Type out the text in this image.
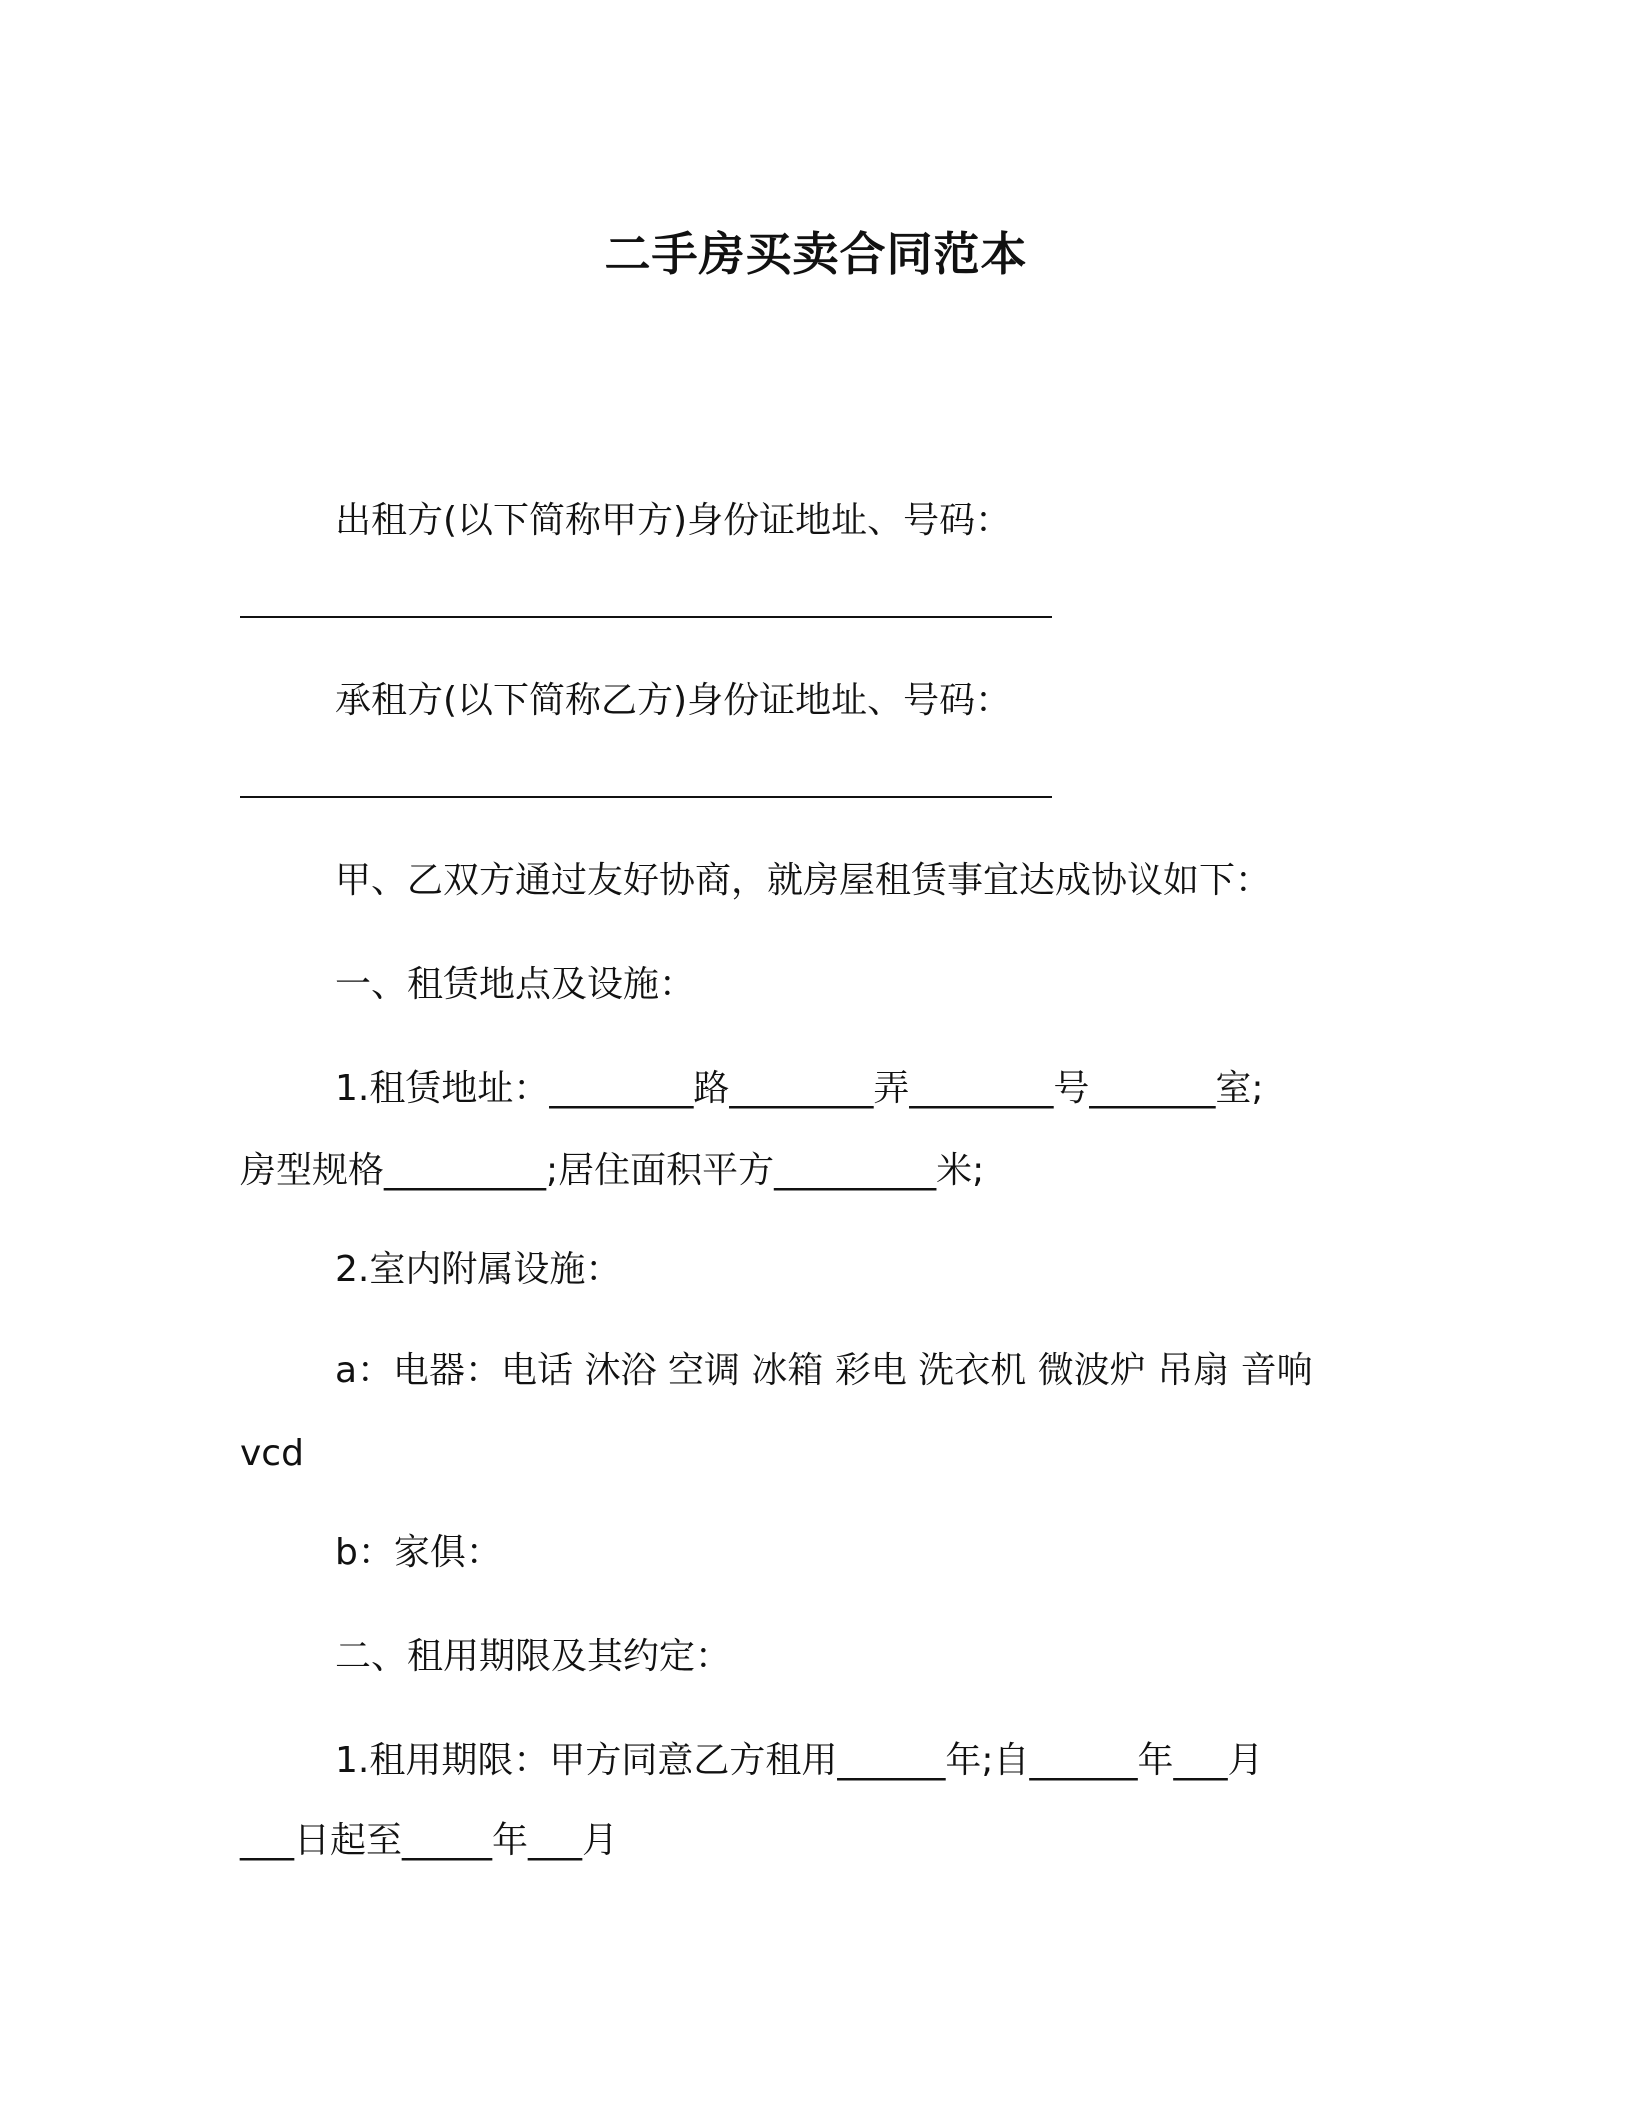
二手房买卖合同范本
出租方(以下简称甲方)身份证地址、号码：
承租方(以下简称乙方)身份证地址、号码：
甲、乙双方通过友好协商，就房屋租赁事宜达成协议如下：
一、租赁地点及设施：
1.租赁地址：________路________弄________号_______室;
房型规格_________;居住面积平方_________米;
2.室内附属设施：
a：电器：电话 沐浴 空调 冰箱 彩电 洗衣机 微波炉 吊扇 音响
vcd
b：家俱：
二、租用期限及其约定：
1.租用期限：甲方同意乙方租用______年;自______年___月
___日起至_____年___月
